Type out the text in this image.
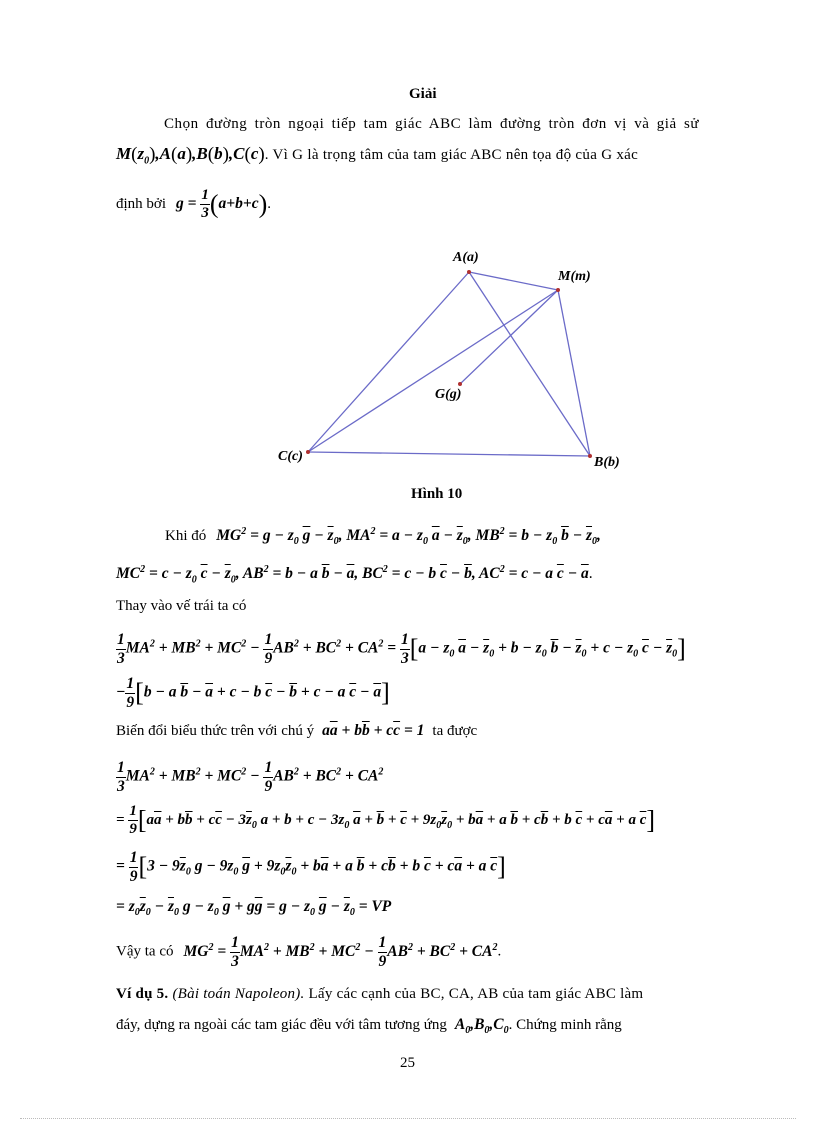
Giải
Chọn đường tròn ngoại tiếp tam giác ABC làm đường tròn đơn vị và giả sử
$M(z_0),A(a),B(b),C(c)$. Vì G là trọng tâm của tam giác ABC nên tọa độ của G xác
định bởi $g = \frac{1}{3} (a+b+c)$.
A(a)
M(m)
G(g)
C(c)	B(b)
Hình 10
Khi đó $MG^2 = g - z_0$ $\overline{g} - \overline{z}_0$, $MA^2 = a - z_0$ $\overline{a} - \overline{z}_0$, $MB^2 = b - z_0$ $\overline{b} - \overline{z}_0$,
$MC^2 = c - z_0$ $\overline{c} - \overline{z}_0$, $AB^2 = b - a$ $\overline{b} - \overline{a}$, $BC^2 = c - b$ $\overline{c} - \overline{b}$, $AC^2 = c - a$ $\overline{c} - \overline{a}$.
Thay vào vế trái ta có
$\frac{1}{3} MA^2 + MB^2 + MC^2 - \frac{1}{9} AB^2 + BC^2 + CA^2 = \frac{1}{3} [a - z_0$ $\overline{a} - \overline{z}_0 + b - z_0$ $\overline{b} - \overline{z}_0 + c - z_0$ $\overline{c} - \overline{z}_0$]
− $\frac{1}{9} [b - a$ $\overline{b} - \overline{a} + c - b$ $\overline{c} - \overline{b} + c - a$ $\overline{c} - \overline{a}$]
Biến đổi biểu thức trên với chú ý $a\overline{a} + b\overline{b} + c\overline{c} = 1$ ta được
$\frac{1}{3} MA^2 + MB^2 + MC^2 - \frac{1}{9} AB^2 + BC^2 + CA^2$
= $\frac{1}{9} [a\overline{a} + b\overline{b} + c\overline{c} - 3\overline{z}_0$ $a + b + c - 3z_0$ $\overline{a} + \overline{b} + \overline{c} + 9z_0\overline{z}_0 + b\overline{a} + a$ $\overline{b} + c\overline{b} + b$ $\overline{c} + c\overline{a} + a$ $\overline{c}$]
= $\frac{1}{9} [3 - 9\overline{z}_0$ $g - 9z_0$ $\overline{g} + 9z_0\overline{z}_0 + b\overline{a} + a$ $\overline{b} + c\overline{b} + b$ $\overline{c} + c\overline{a} + a$ $\overline{c}$]
= $z_0\overline{z}_0 - \overline{z}_0$ $g - z_0$ $\overline{g} + g\overline{g} = g - z_0$ $\overline{g} - \overline{z}_0$ = VP
Vậy ta có $MG^2 = \frac{1}{3} MA^2 + MB^2 + MC^2 - \frac{1}{9} AB^2 + BC^2 + CA^2$.
Ví dụ 5. (Bài toán Napoleon). Lấy các cạnh của BC, CA, AB của tam giác ABC làm
đáy, dựng ra ngoài các tam giác đều với tâm tương ứng $A_0,B_0,C_0$. Chứng minh rằng
25
